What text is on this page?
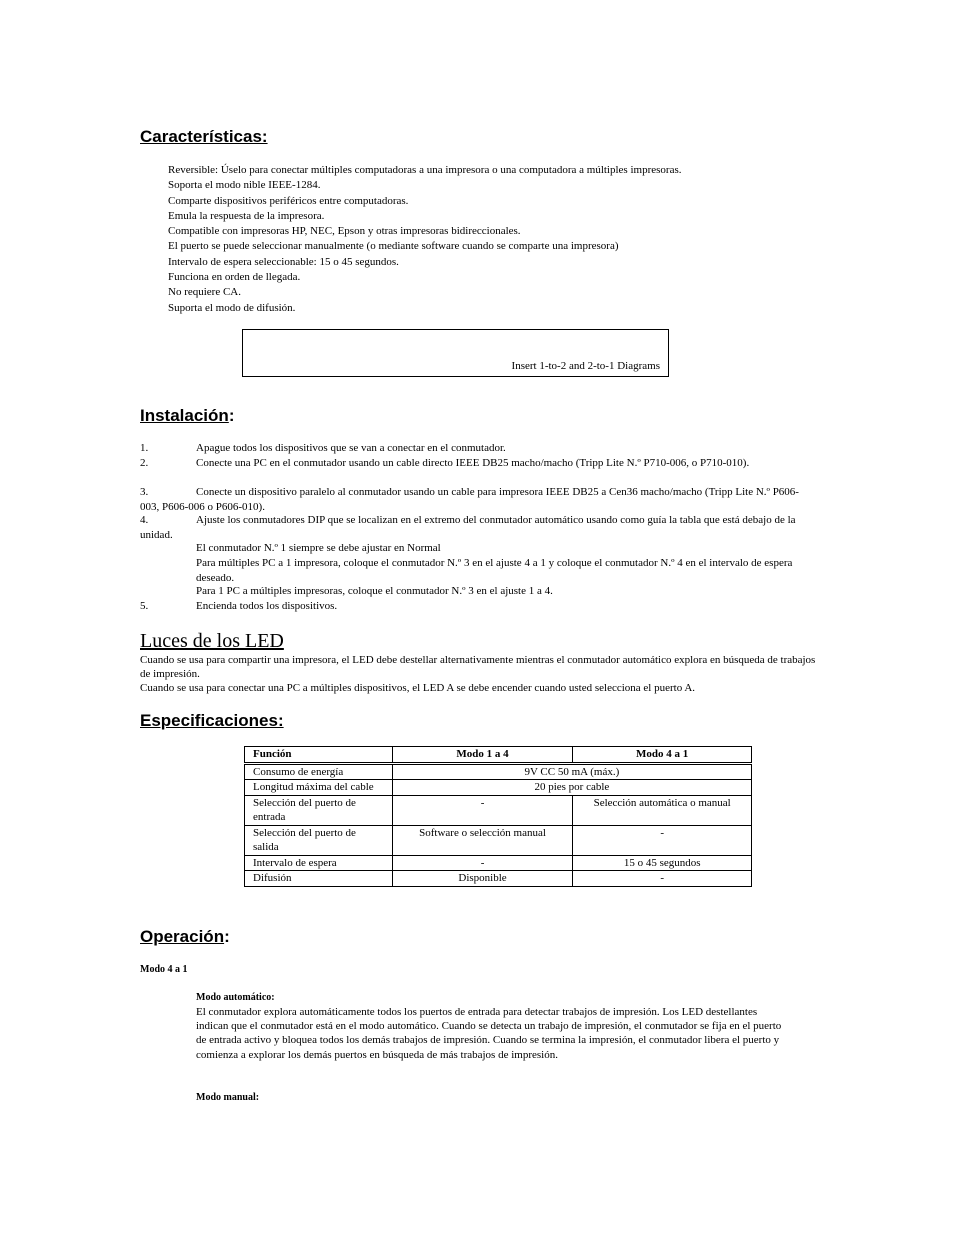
Características:
Reversible: Úselo para conectar múltiples computadoras a una impresora o una computadora a múltiples impresoras.
Soporta el modo nible IEEE-1284.
Comparte dispositivos periféricos entre computadoras.
Emula la respuesta de la impresora.
Compatible con impresoras HP, NEC, Epson y otras impresoras bidireccionales.
El puerto se puede seleccionar manualmente (o mediante software cuando se comparte una impresora)
Intervalo de espera seleccionable: 15 o 45 segundos.
Funciona en orden de llegada.
No requiere CA.
Suporta el modo de difusión.
Insert 1-to-2 and 2-to-1 Diagrams
Instalación:
1.	Apague todos los dispositivos que se van a conectar en el conmutador.
2.	Conecte una PC en el conmutador usando un cable directo IEEE DB25 macho/macho (Tripp Lite N.º P710-006, o P710-010).
3.	Conecte un dispositivo paralelo al conmutador usando un cable para impresora IEEE DB25 a Cen36 macho/macho (Tripp Lite N.º P606-003, P606-006 o P606-010).
4.	Ajuste los conmutadores DIP que se localizan en el extremo del conmutador automático usando como guía la tabla que está debajo de la unidad.
El conmutador N.º 1 siempre se debe ajustar en Normal
Para múltiples PC a 1 impresora, coloque el conmutador N.º 3 en el ajuste 4 a 1 y coloque el conmutador N.º 4 en el intervalo de espera deseado.
Para 1 PC a múltiples impresoras, coloque el conmutador N.º 3 en el ajuste 1 a 4.
5.	Encienda todos los dispositivos.
Luces de los LED
Cuando se usa para compartir una impresora, el LED debe destellar alternativamente mientras el conmutador automático explora en búsqueda de trabajos de impresión.
Cuando se usa para conectar una PC a múltiples dispositivos, el LED A se debe encender cuando usted selecciona el puerto A.
Especificaciones:
Función	Modo 1 a 4	Modo 4 a 1
Consumo de energía	9V CC 50 mA (máx.)	
Longitud máxima del cable	20 pies por cable	
Selección del puerto de entrada	-	Selección automática o manual
Selección del puerto de salida	Software o selección manual	-
Intervalo de espera	-	15 o 45 segundos
Difusión	Disponible	-
Operación:
Modo 4 a 1
Modo automático:
El conmutador explora automáticamente todos los puertos de entrada para detectar trabajos de impresión. Los LED destellantes indican que el conmutador está en el modo automático. Cuando se detecta un trabajo de impresión, el conmutador se fija en el puerto de entrada activo y bloquea todos los demás trabajos de impresión. Cuando se termina la impresión, el conmutador libera el puerto y comienza a explorar los demás puertos en búsqueda de más trabajos de impresión.
Modo manual:
